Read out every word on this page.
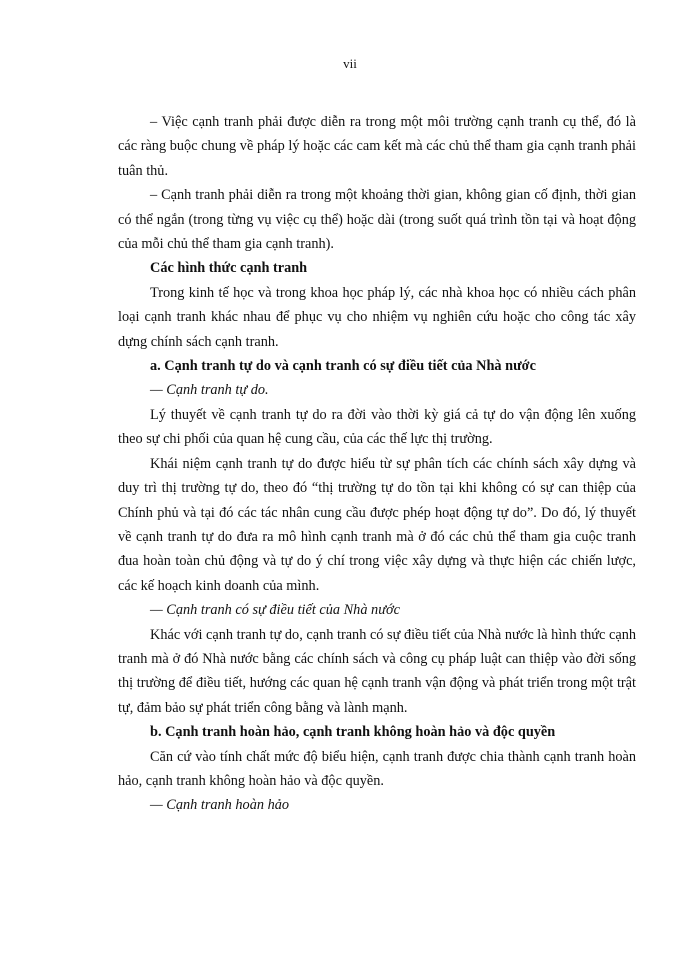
vii

– Việc cạnh tranh phải được diễn ra trong một môi trường cạnh tranh cụ thể, đó là các ràng buộc chung về pháp lý hoặc các cam kết mà các chủ thể tham gia cạnh tranh phải tuân thủ.

– Cạnh tranh phải diễn ra trong một khoảng thời gian, không gian cố định, thời gian có thể ngắn (trong từng vụ việc cụ thể) hoặc dài (trong suốt quá trình tồn tại và hoạt động của mỗi chủ thể tham gia cạnh tranh).

Các hình thức cạnh tranh

Trong kinh tế học và trong khoa học pháp lý, các nhà khoa học có nhiều cách phân loại cạnh tranh khác nhau để phục vụ cho nhiệm vụ nghiên cứu hoặc cho công tác xây dựng chính sách cạnh tranh.

a. Cạnh tranh tự do và cạnh tranh có sự điều tiết của Nhà nước

— Cạnh tranh tự do.

Lý thuyết về cạnh tranh tự do ra đời vào thời kỳ giá cả tự do vận động lên xuống theo sự chi phối của quan hệ cung cầu, của các thế lực thị trường.

Khái niệm cạnh tranh tự do được hiểu từ sự phân tích các chính sách xây dựng và duy trì thị trường tự do, theo đó “thị trường tự do tồn tại khi không có sự can thiệp của Chính phủ và tại đó các tác nhân cung cầu được phép hoạt động tự do”. Do đó, lý thuyết về cạnh tranh tự do đưa ra mô hình cạnh tranh mà ở đó các chủ thể tham gia cuộc tranh đua hoàn toàn chủ động và tự do ý chí trong việc xây dựng và thực hiện các chiến lược, các kế hoạch kinh doanh của mình.

— Cạnh tranh có sự điều tiết của Nhà nước

Khác với cạnh tranh tự do, cạnh tranh có sự điều tiết của Nhà nước là hình thức cạnh tranh mà ở đó Nhà nước bằng các chính sách và công cụ pháp luật can thiệp vào đời sống thị trường để điều tiết, hướng các quan hệ cạnh tranh vận động và phát triển trong một trật tự, đảm bảo sự phát triển công bằng và lành mạnh.

b. Cạnh tranh hoàn hảo, cạnh tranh không hoàn hảo và độc quyền

Căn cứ vào tính chất mức độ biểu hiện, cạnh tranh được chia thành cạnh tranh hoàn hảo, cạnh tranh không hoàn hảo và độc quyền.

— Cạnh tranh hoàn hảo
